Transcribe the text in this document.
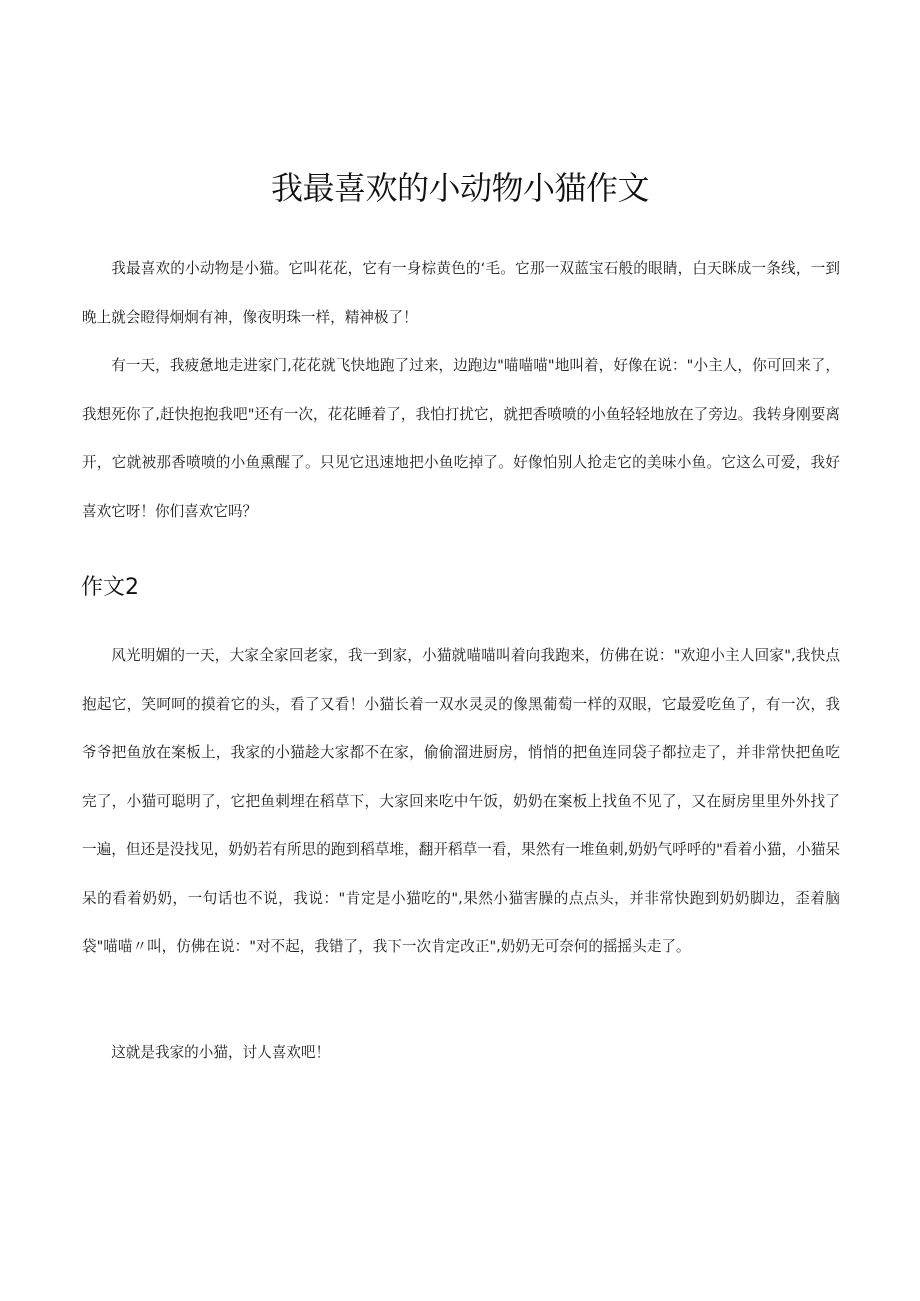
我最喜欢的小动物小猫作文

我最喜欢的小动物是小猫。它叫花花，它有一身棕黄色的‘毛。它那一双蓝宝石般的眼睛，白天眯成一条线，一到晚上就会瞪得炯炯有神，像夜明珠一样，精神极了！

有一天，我疲惫地走进家门,花花就飞快地跑了过来，边跑边"喵喵喵"地叫着，好像在说："小主人，你可回来了，我想死你了,赶快抱抱我吧"还有一次，花花睡着了，我怕打扰它，就把香喷喷的小鱼轻轻地放在了旁边。我转身刚要离开，它就被那香喷喷的小鱼熏醒了。只见它迅速地把小鱼吃掉了。好像怕别人抢走它的美味小鱼。它这么可爱，我好喜欢它呀！你们喜欢它吗？

作文2

风光明媚的一天，大家全家回老家，我一到家，小猫就喵喵叫着向我跑来，仿佛在说："欢迎小主人回家",我快点抱起它，笑呵呵的摸着它的头，看了又看！小猫长着一双水灵灵的像黑葡萄一样的双眼，它最爱吃鱼了，有一次，我爷爷把鱼放在案板上，我家的小猫趁大家都不在家，偷偷溜进厨房，悄悄的把鱼连同袋子都拉走了，并非常快把鱼吃完了，小猫可聪明了，它把鱼刺埋在稻草下，大家回来吃中午饭，奶奶在案板上找鱼不见了，又在厨房里里外外找了一遍，但还是没找见，奶奶若有所思的跑到稻草堆，翻开稻草一看，果然有一堆鱼刺,奶奶气呼呼的"看着小猫，小猫呆呆的看着奶奶，一句话也不说，我说："肯定是小猫吃的",果然小猫害臊的点点头，并非常快跑到奶奶脚边，歪着脑袋"喵喵〃叫，仿佛在说："对不起，我错了，我下一次肯定改正",奶奶无可奈何的摇摇头走了。

这就是我家的小猫，讨人喜欢吧！
